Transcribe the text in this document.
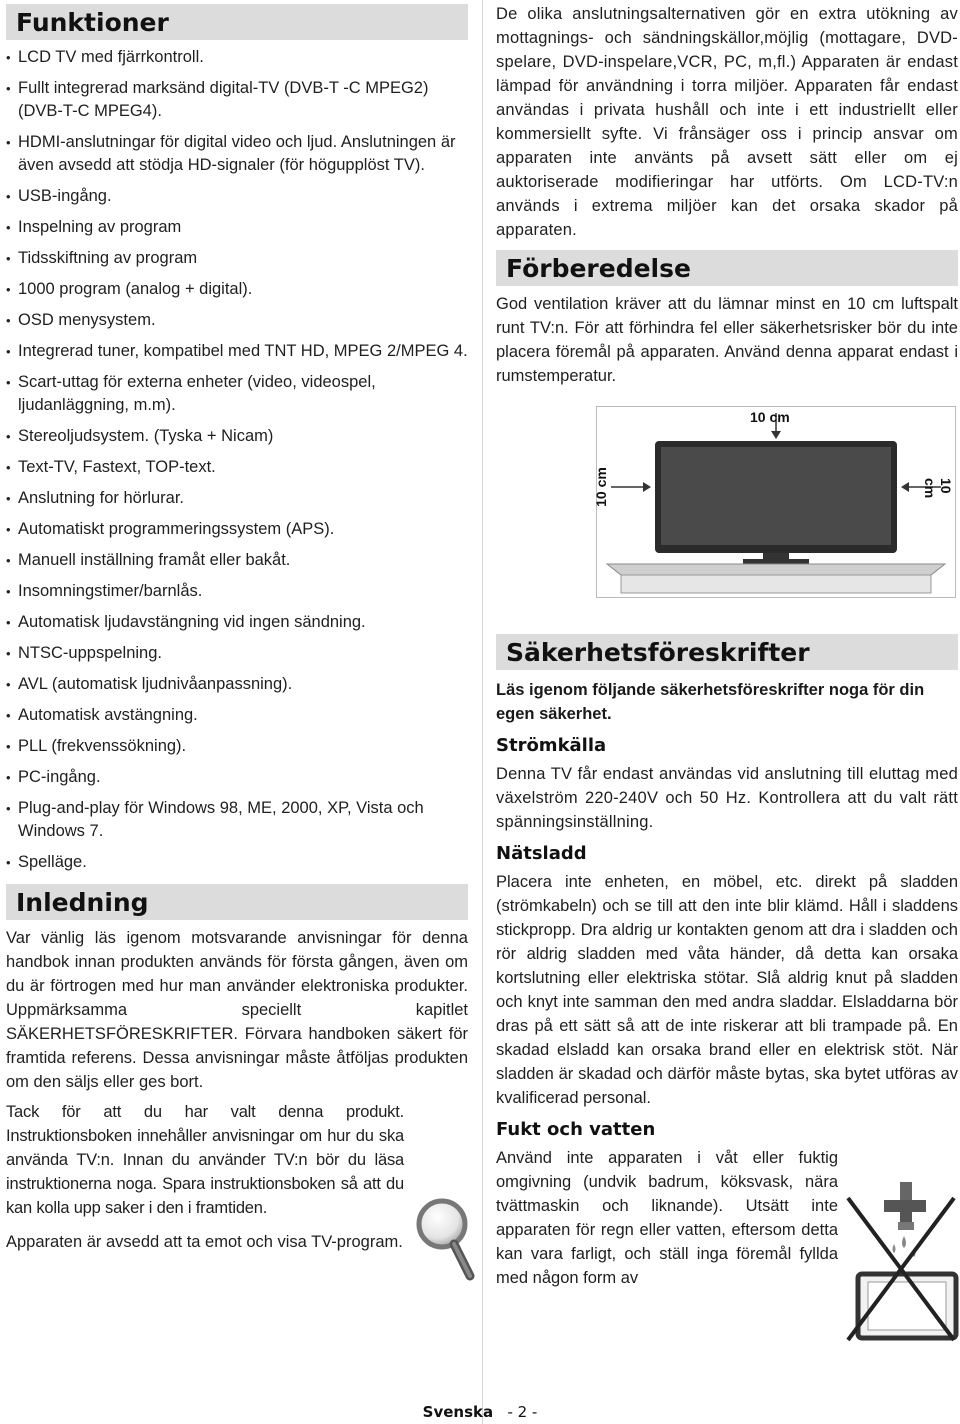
Funktioner
• LCD TV med fjärrkontroll.
• Fullt integrerad marksänd digital-TV (DVB-T -C MPEG2) (DVB-T-C MPEG4).
• HDMI-anslutningar för digital video och ljud. Anslutningen är även avsedd att stödja HD-signaler (för högupplöst TV).
• USB-ingång.
• Inspelning av program
• Tidsskiftning av program
• 1000 program (analog + digital).
• OSD menysystem.
• Integrerad tuner, kompatibel med TNT HD, MPEG 2/MPEG 4.
• Scart-uttag för externa enheter (video, videospel, ljudanläggning, m.m).
• Stereoljudsystem. (Tyska + Nicam)
• Text-TV, Fastext, TOP-text.
• Anslutning for hörlurar.
• Automatiskt programmeringssystem (APS).
• Manuell inställning framåt eller bakåt.
• Insomningstimer/barnlås.
• Automatisk ljudavstängning vid ingen sändning.
• NTSC-uppspelning.
• AVL (automatisk ljudnivåanpassning).
• Automatisk avstängning.
• PLL (frekvenssökning).
• PC-ingång.
• Plug-and-play för Windows 98, ME, 2000, XP, Vista och Windows 7.
• Spelläge.
Inledning

Var vänlig läs igenom motsvarande anvisningar för denna handbok innan produkten används för första gången, även om du är förtrogen med hur man använder elektroniska produkter. Uppmärksamma speciellt kapitlet SÄKERHETSFÖRESKRIFTER. Förvara handboken säkert för framtida referens. Dessa anvisningar måste åtföljas produkten om den säljs eller ges bort.

Tack för att du har valt denna produkt. Instruktionsboken innehåller anvisningar om hur du ska använda TV:n. Innan du använder TV:n bör du läsa instruktionerna noga. Spara instruktionsboken så att du kan kolla upp saker i den i framtiden.

Apparaten är avsedd att ta emot och visa TV-program.

De olika anslutningsalternativen gör en extra utökning av mottagnings- och sändningskällor,möjlig (mottagare, DVD-spelare, DVD-inspelare,VCR, PC, m,fl.) Apparaten är endast lämpad för användning i torra miljöer. Apparaten får endast användas i privata hushåll och inte i ett industriellt eller kommersiellt syfte. Vi frånsäger oss i princip ansvar om apparaten inte använts på avsett sätt eller om ej auktoriserade modifieringar har utförts. Om LCD-TV:n används i extrema miljöer kan det orsaka skador på apparaten.

Förberedelse

God ventilation kräver att du lämnar minst en 10 cm luftspalt runt TV:n. För att förhindra fel eller säkerhetsrisker bör du inte placera föremål på apparaten. Använd denna apparat endast i rumstemperatur.

10 cm
10 cm	10 cm
Säkerhetsföreskrifter
Läs igenom följande säkerhetsföreskrifter noga för din egen säkerhet.
Strömkälla

Denna TV får endast användas vid anslutning till eluttag med växelström 220-240V och 50 Hz. Kontrollera att du valt rätt spänningsinställning.

Nätsladd

Placera inte enheten, en möbel, etc. direkt på sladden (strömkabeln) och se till att den inte blir klämd. Håll i sladdens stickpropp. Dra aldrig ur kontakten genom att dra i sladden och rör aldrig sladden med våta händer, då detta kan orsaka kortslutning eller elektriska stötar. Slå aldrig knut på sladden och knyt inte samman den med andra sladdar. Elsladdarna bör dras på ett sätt så att de inte riskerar att bli trampade på. En skadad elsladd kan orsaka brand eller en elektrisk stöt. När sladden är skadad och därför måste bytas, ska bytet utföras av kvalificerad personal.

Fukt och vatten

Använd inte apparaten i våt eller fuktig omgivning (undvik badrum, köksvask, nära tvättmaskin och liknande). Utsätt inte apparaten för regn eller vatten, eftersom detta kan vara farligt, och ställ inga föremål fyllda med någon form av

Svenska - 2 -
